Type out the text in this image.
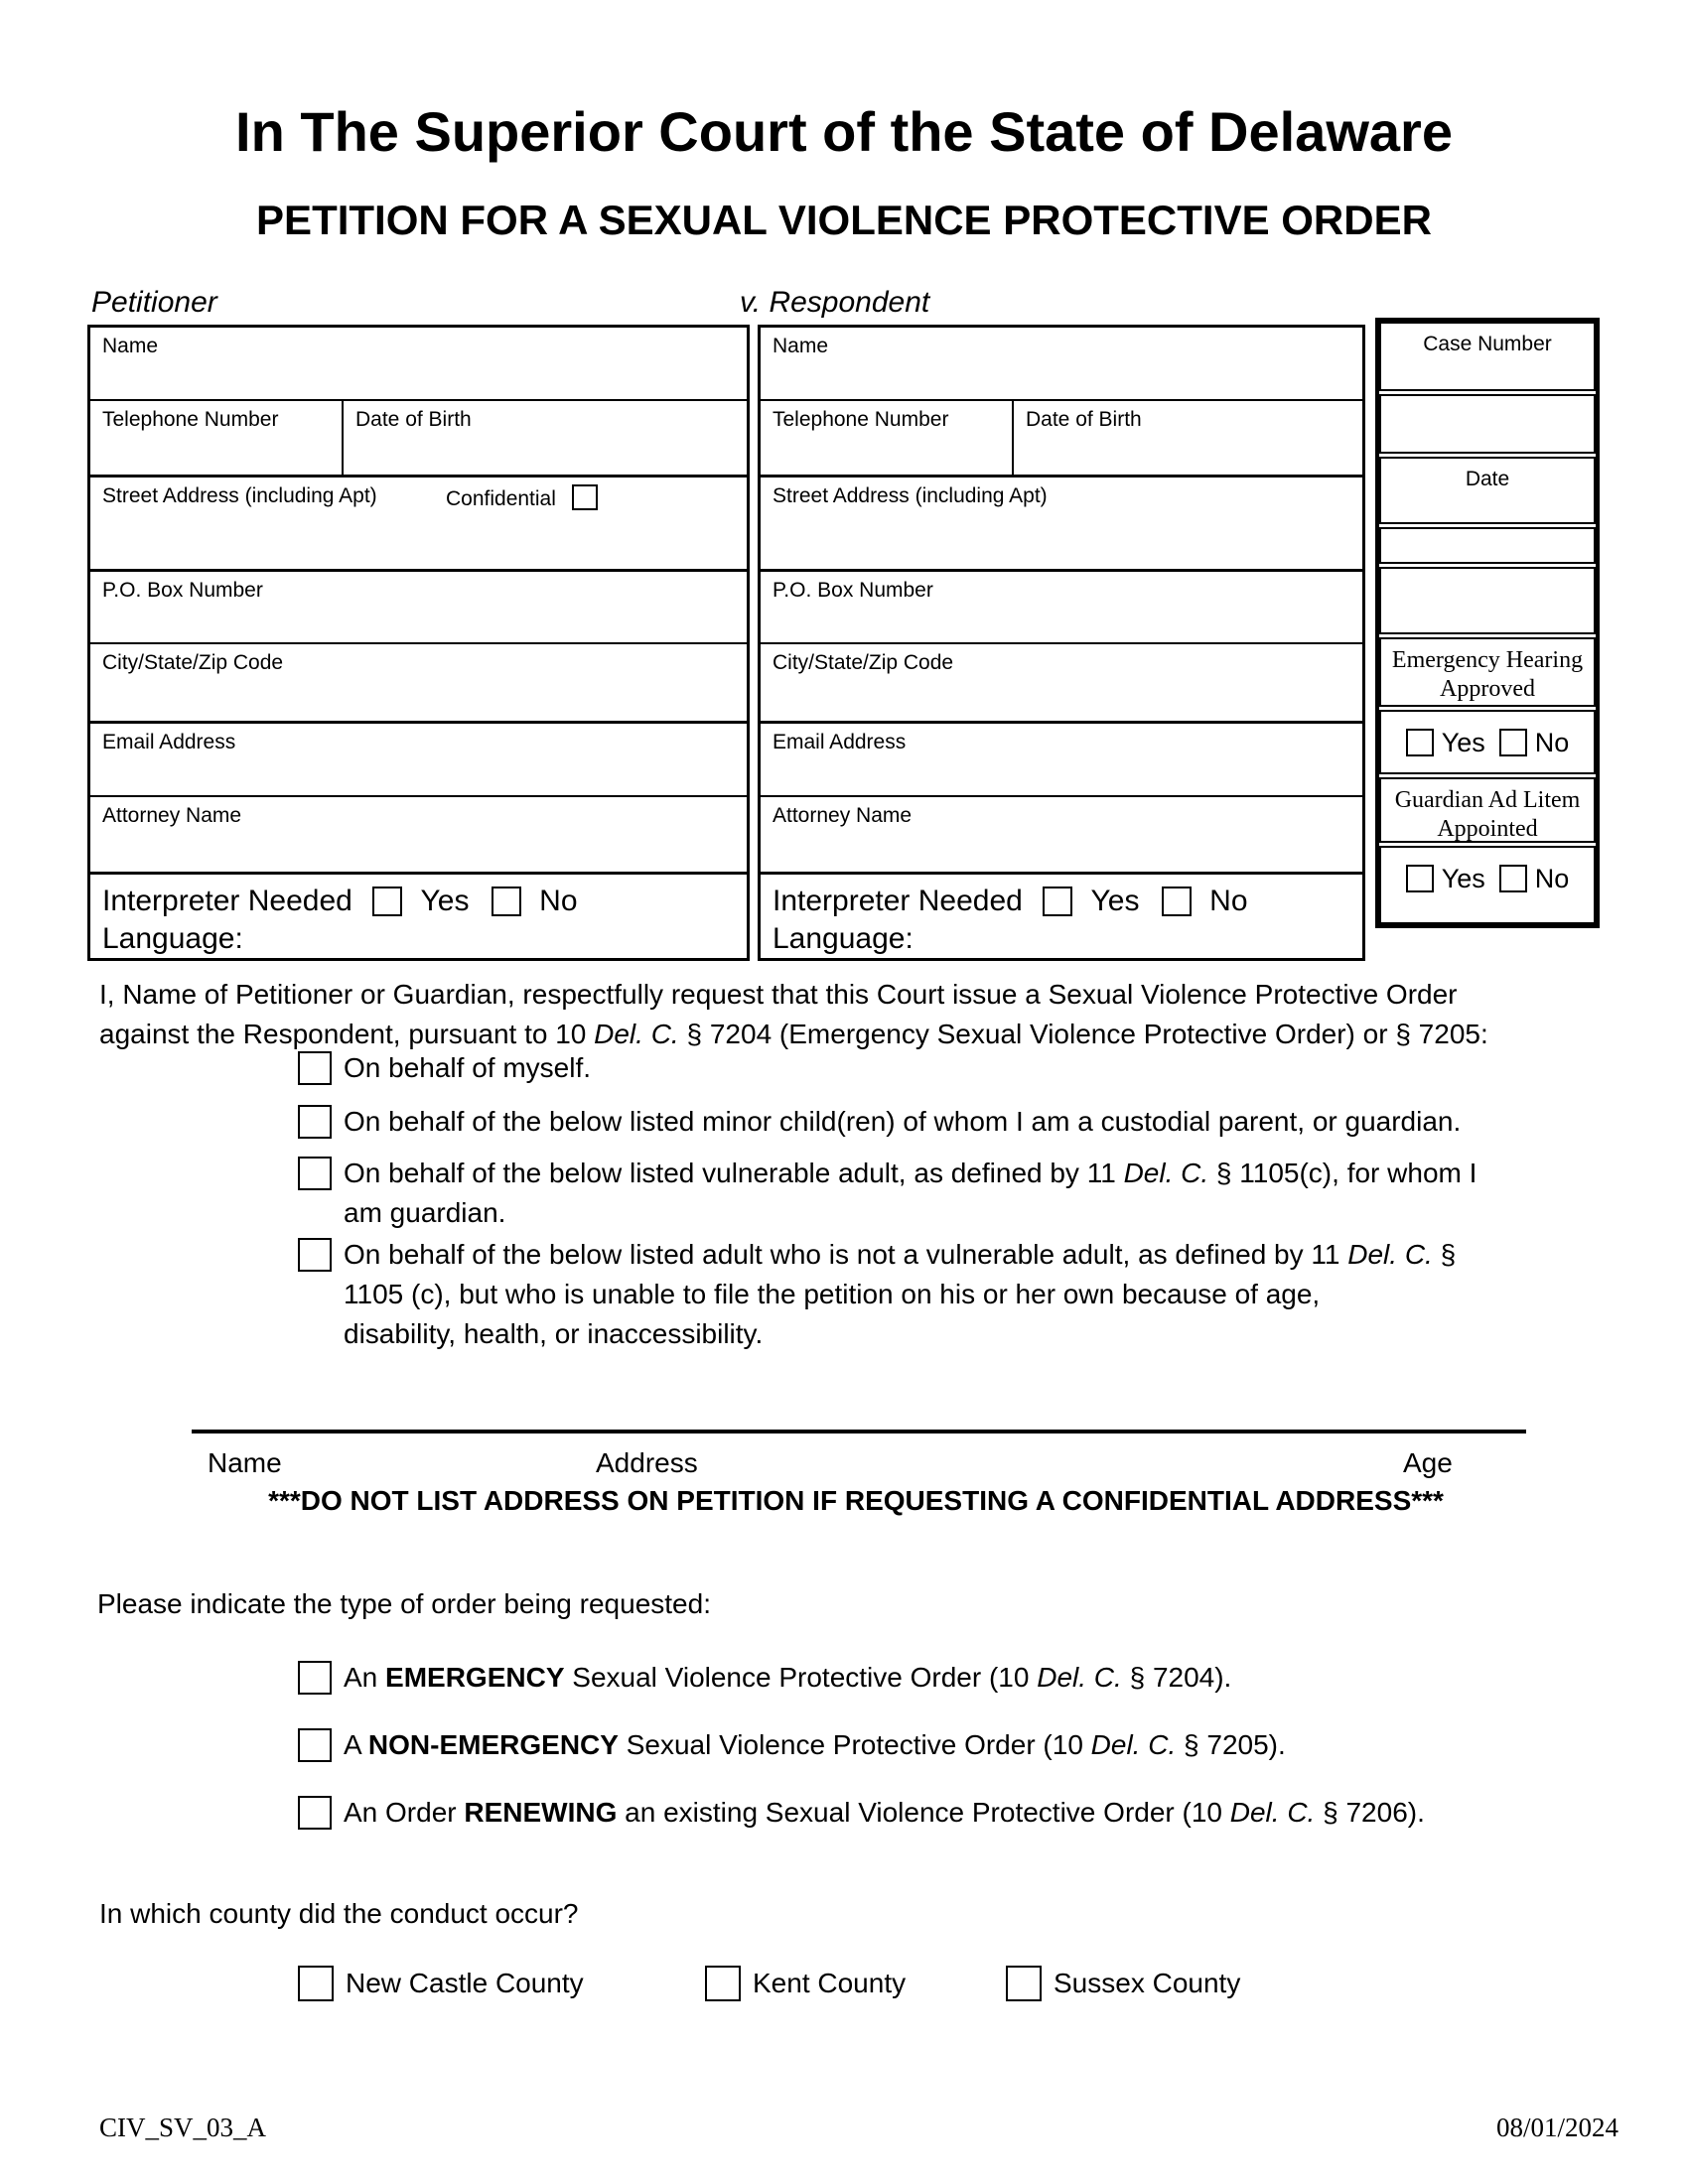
In The Superior Court of the State of Delaware
PETITION FOR A SEXUAL VIOLENCE PROTECTIVE ORDER
Petitioner	v. Respondent
Name
Telephone Number	Date of Birth
Street Address (including Apt)	Confidential
P.O. Box Number
City/State/Zip Code
Email Address
Attorney Name
Interpreter Needed Yes No
Language:
Name
Telephone Number	Date of Birth
Street Address (including Apt)
P.O. Box Number
City/State/Zip Code
Email Address
Attorney Name
Interpreter Needed Yes No
Language:
Case Number
Date
Emergency Hearing
Approved
Yes No
Guardian Ad Litem
Appointed
Yes No
I, Name of Petitioner or Guardian, respectfully request that this Court issue a Sexual Violence Protective Order
against the Respondent, pursuant to 10 Del. C. § 7204 (Emergency Sexual Violence Protective Order) or § 7205:
On behalf of myself.
On behalf of the below listed minor child(ren) of whom I am a custodial parent, or guardian.
On behalf of the below listed vulnerable adult, as defined by 11 Del. C. § 1105(c), for whom I
am guardian.
On behalf of the below listed adult who is not a vulnerable adult, as defined by 11 Del. C. §
1105 (c), but who is unable to file the petition on his or her own because of age,
disability, health, or inaccessibility.
Name	Address	Age
***DO NOT LIST ADDRESS ON PETITION IF REQUESTING A CONFIDENTIAL ADDRESS***
Please indicate the type of order being requested:
An EMERGENCY Sexual Violence Protective Order (10 Del. C. § 7204).
A NON-EMERGENCY Sexual Violence Protective Order (10 Del. C. § 7205).
An Order RENEWING an existing Sexual Violence Protective Order (10 Del. C. § 7206).
In which county did the conduct occur?
New Castle County	Kent County	Sussex County
CIV_SV_03_A	08/01/2024
